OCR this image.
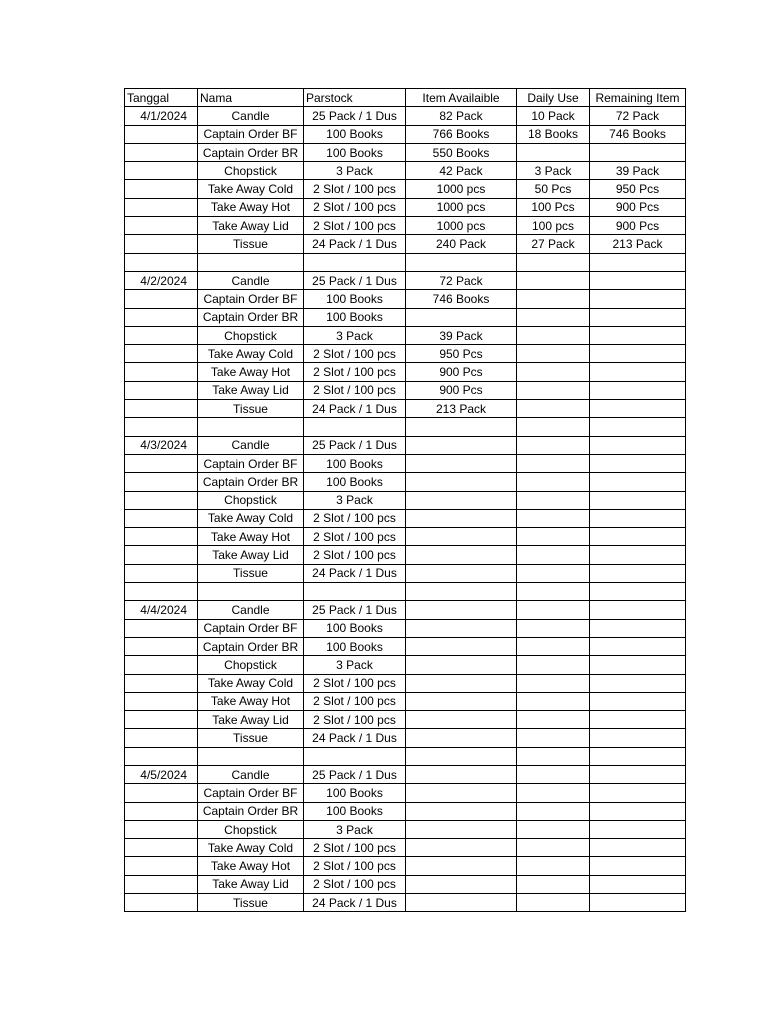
Tanggal	Nama	Parstock	Item Availaible	Daily Use	Remaining Item
4/1/2024	Candle	25 Pack / 1 Dus	82 Pack	10 Pack	72 Pack
	Captain Order BF	100 Books	766 Books	18 Books	746 Books
	Captain Order BR	100 Books	550 Books		
	Chopstick	3 Pack	42 Pack	3 Pack	39 Pack
	Take Away Cold	2 Slot / 100 pcs	1000 pcs	50 Pcs	950 Pcs
	Take Away Hot	2 Slot / 100 pcs	1000 pcs	100 Pcs	900 Pcs
	Take Away Lid	2 Slot / 100 pcs	1000 pcs	100 pcs	900 Pcs
	Tissue	24 Pack / 1 Dus	240 Pack	27 Pack	213 Pack

4/2/2024	Candle	25 Pack / 1 Dus	72 Pack		
	Captain Order BF	100 Books	746 Books		
	Captain Order BR	100 Books			
	Chopstick	3 Pack	39 Pack		
	Take Away Cold	2 Slot / 100 pcs	950 Pcs		
	Take Away Hot	2 Slot / 100 pcs	900 Pcs		
	Take Away Lid	2 Slot / 100 pcs	900 Pcs		
	Tissue	24 Pack / 1 Dus	213 Pack		

4/3/2024	Candle	25 Pack / 1 Dus			
	Captain Order BF	100 Books			
	Captain Order BR	100 Books			
	Chopstick	3 Pack			
	Take Away Cold	2 Slot / 100 pcs			
	Take Away Hot	2 Slot / 100 pcs			
	Take Away Lid	2 Slot / 100 pcs			
	Tissue	24 Pack / 1 Dus			

4/4/2024	Candle	25 Pack / 1 Dus			
	Captain Order BF	100 Books			
	Captain Order BR	100 Books			
	Chopstick	3 Pack			
	Take Away Cold	2 Slot / 100 pcs			
	Take Away Hot	2 Slot / 100 pcs			
	Take Away Lid	2 Slot / 100 pcs			
	Tissue	24 Pack / 1 Dus			

4/5/2024	Candle	25 Pack / 1 Dus			
	Captain Order BF	100 Books			
	Captain Order BR	100 Books			
	Chopstick	3 Pack			
	Take Away Cold	2 Slot / 100 pcs			
	Take Away Hot	2 Slot / 100 pcs			
	Take Away Lid	2 Slot / 100 pcs			
	Tissue	24 Pack / 1 Dus			
